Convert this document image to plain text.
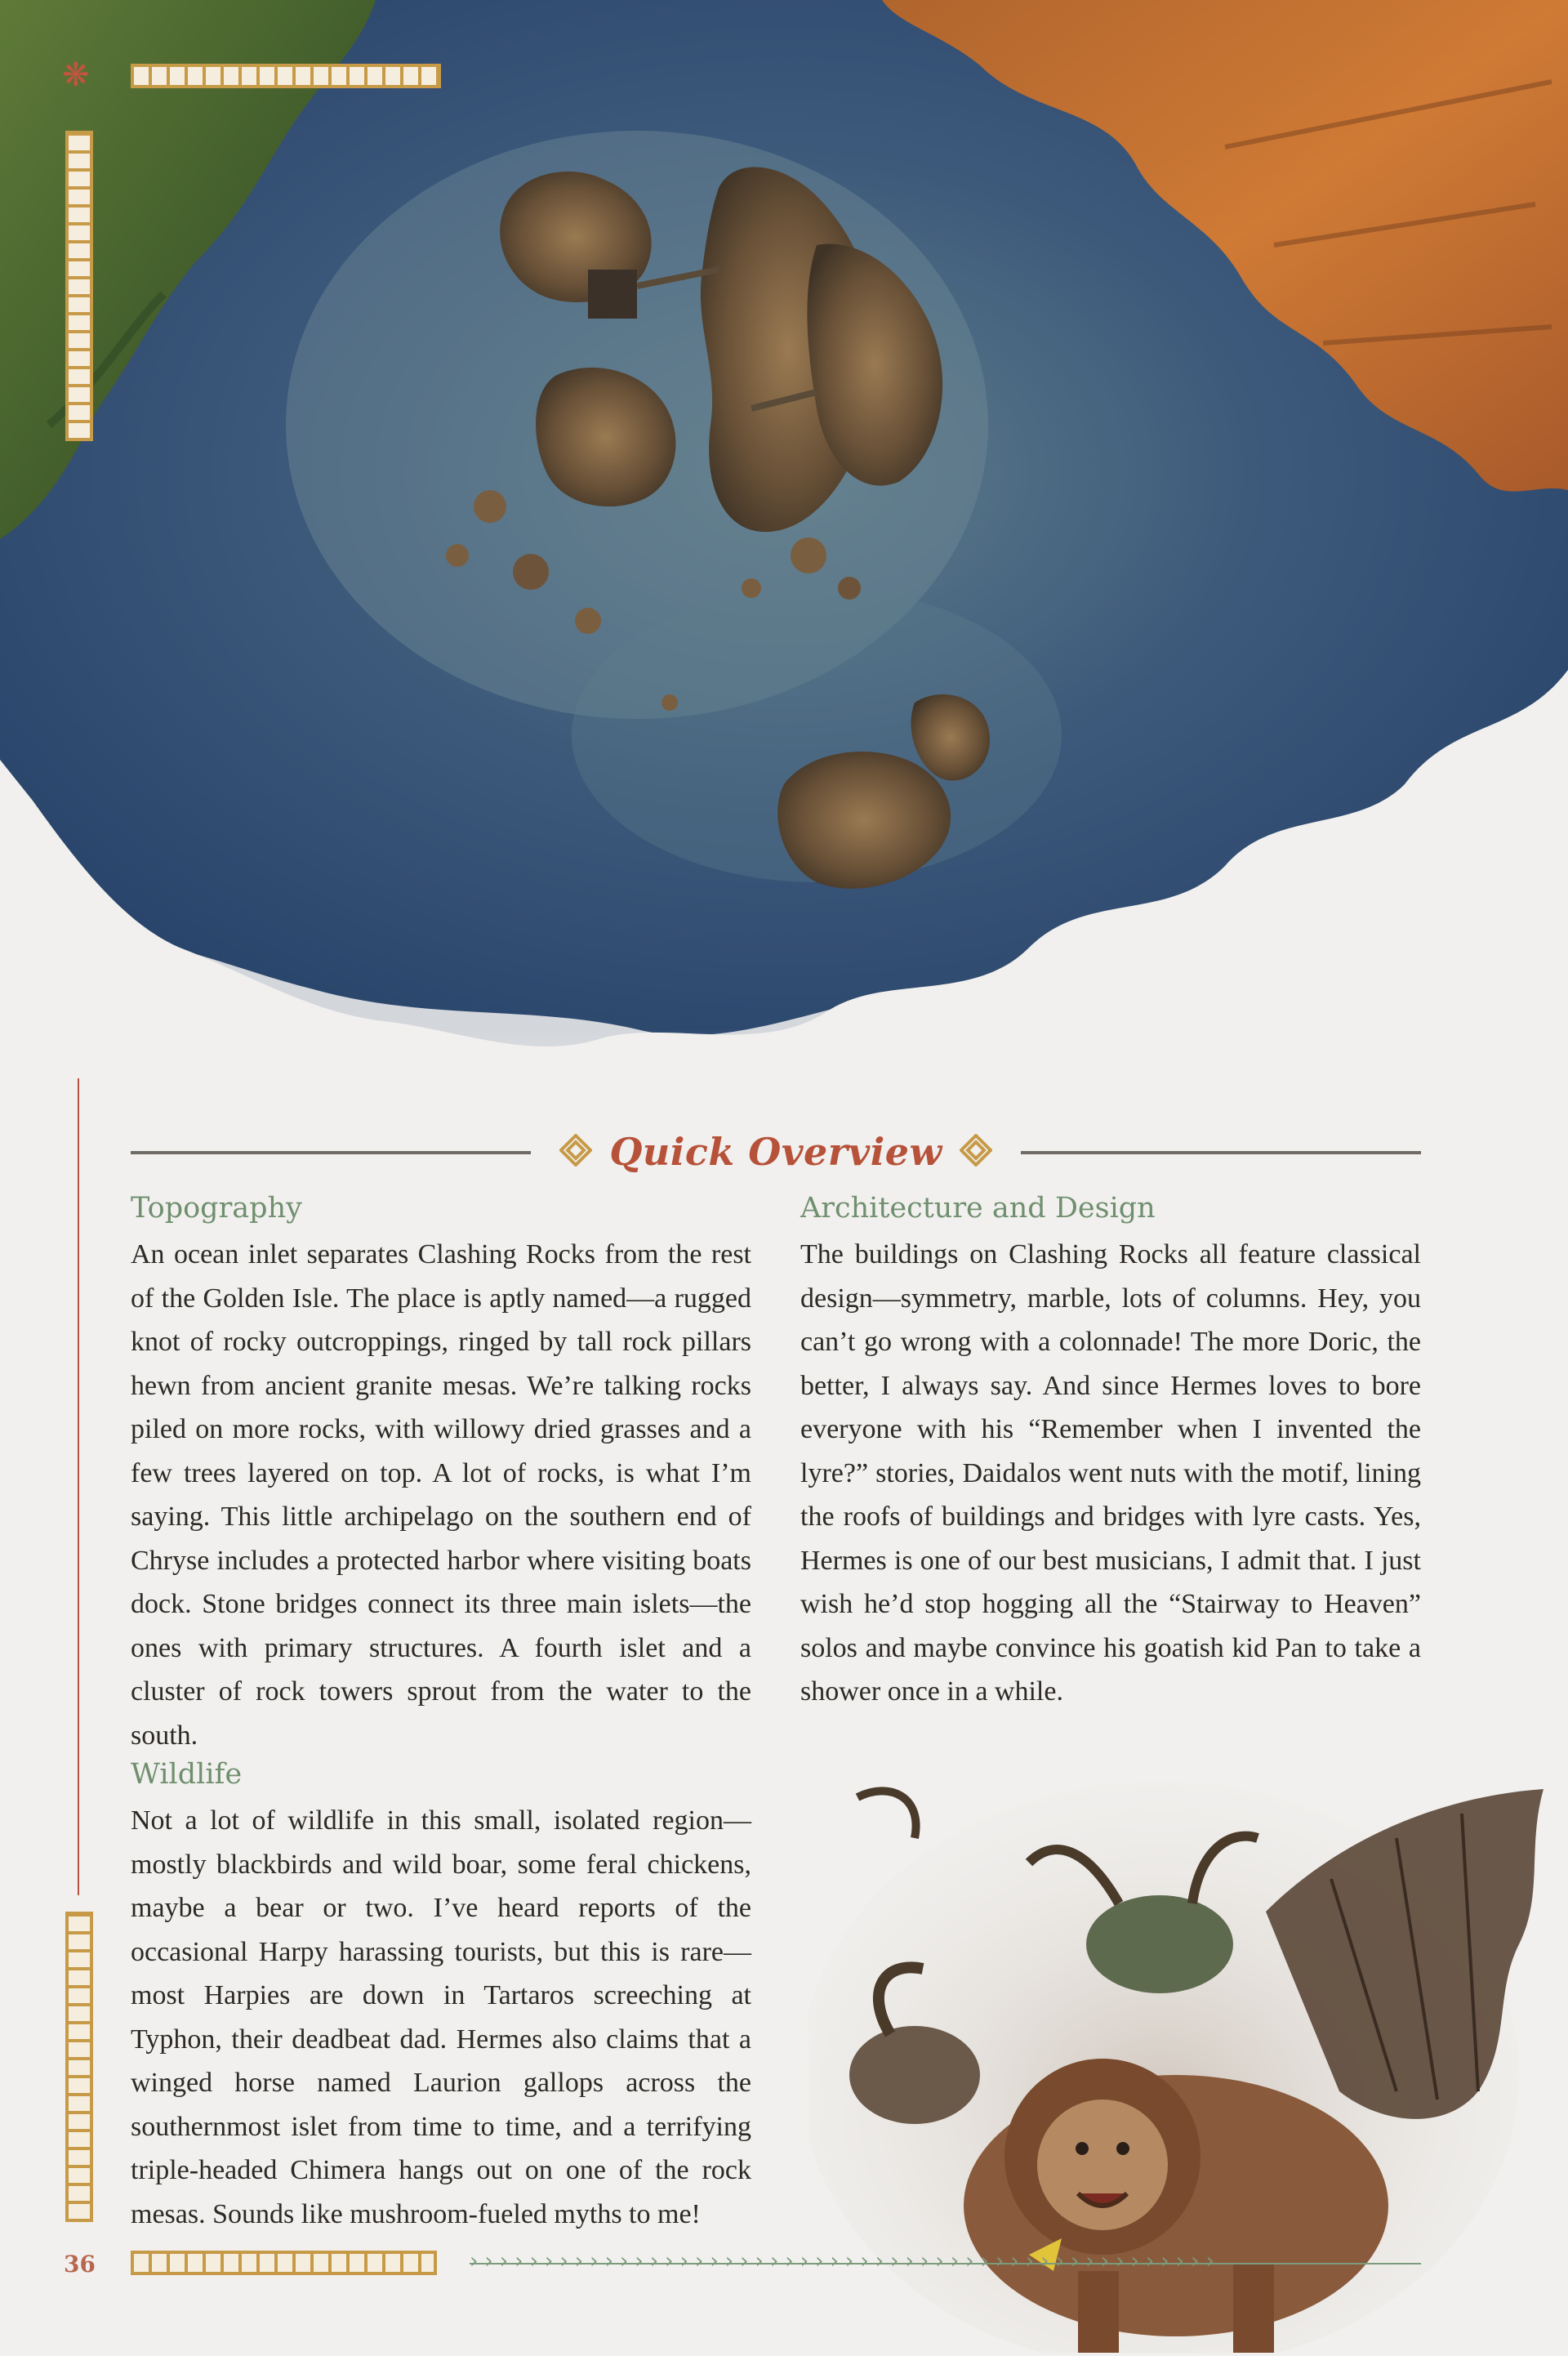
❋
Quick Overview
Topography

An ocean inlet separates Clashing Rocks from the rest of the Golden Isle. The place is aptly named—a rugged knot of rocky outcroppings, ringed by tall rock pillars hewn from ancient granite mesas. We’re talking rocks piled on more rocks, with willowy dried grasses and a few trees layered on top. A lot of rocks, is what I’m saying. This little archipelago on the southern end of Chryse includes a protected harbor where visiting boats dock. Stone bridges connect its three main islets—the ones with primary structures. A fourth islet and a cluster of rock towers sprout from the water to the south.

Wildlife

Not a lot of wildlife in this small, isolated region—mostly blackbirds and wild boar, some feral chickens, maybe a bear or two. I’ve heard reports of the occasional Harpy harassing tourists, but this is rare—most Harpies are down in Tartaros screeching at Typhon, their deadbeat dad. Hermes also claims that a winged horse named Laurion gallops across the southernmost islet from time to time, and a terrifying triple-headed Chimera hangs out on one of the rock mesas. Sounds like mushroom-fueled myths to me!

Architecture and Design

The buildings on Clashing Rocks all feature classical design—symmetry, marble, lots of columns. Hey, you can’t go wrong with a colonnade! The more Doric, the better, I always say. And since Hermes loves to bore everyone with his “Remember when I invented the lyre?” stories, Daidalos went nuts with the motif, lining the roofs of buildings and bridges with lyre casts. Yes, Hermes is one of our best musicians, I admit that. I just wish he’d stop hogging all the “Stairway to Heaven” solos and maybe convince his goatish kid Pan to take a shower once in a while.

36	››››››››››››››››››››››››››››››››››››››››››››››››››
